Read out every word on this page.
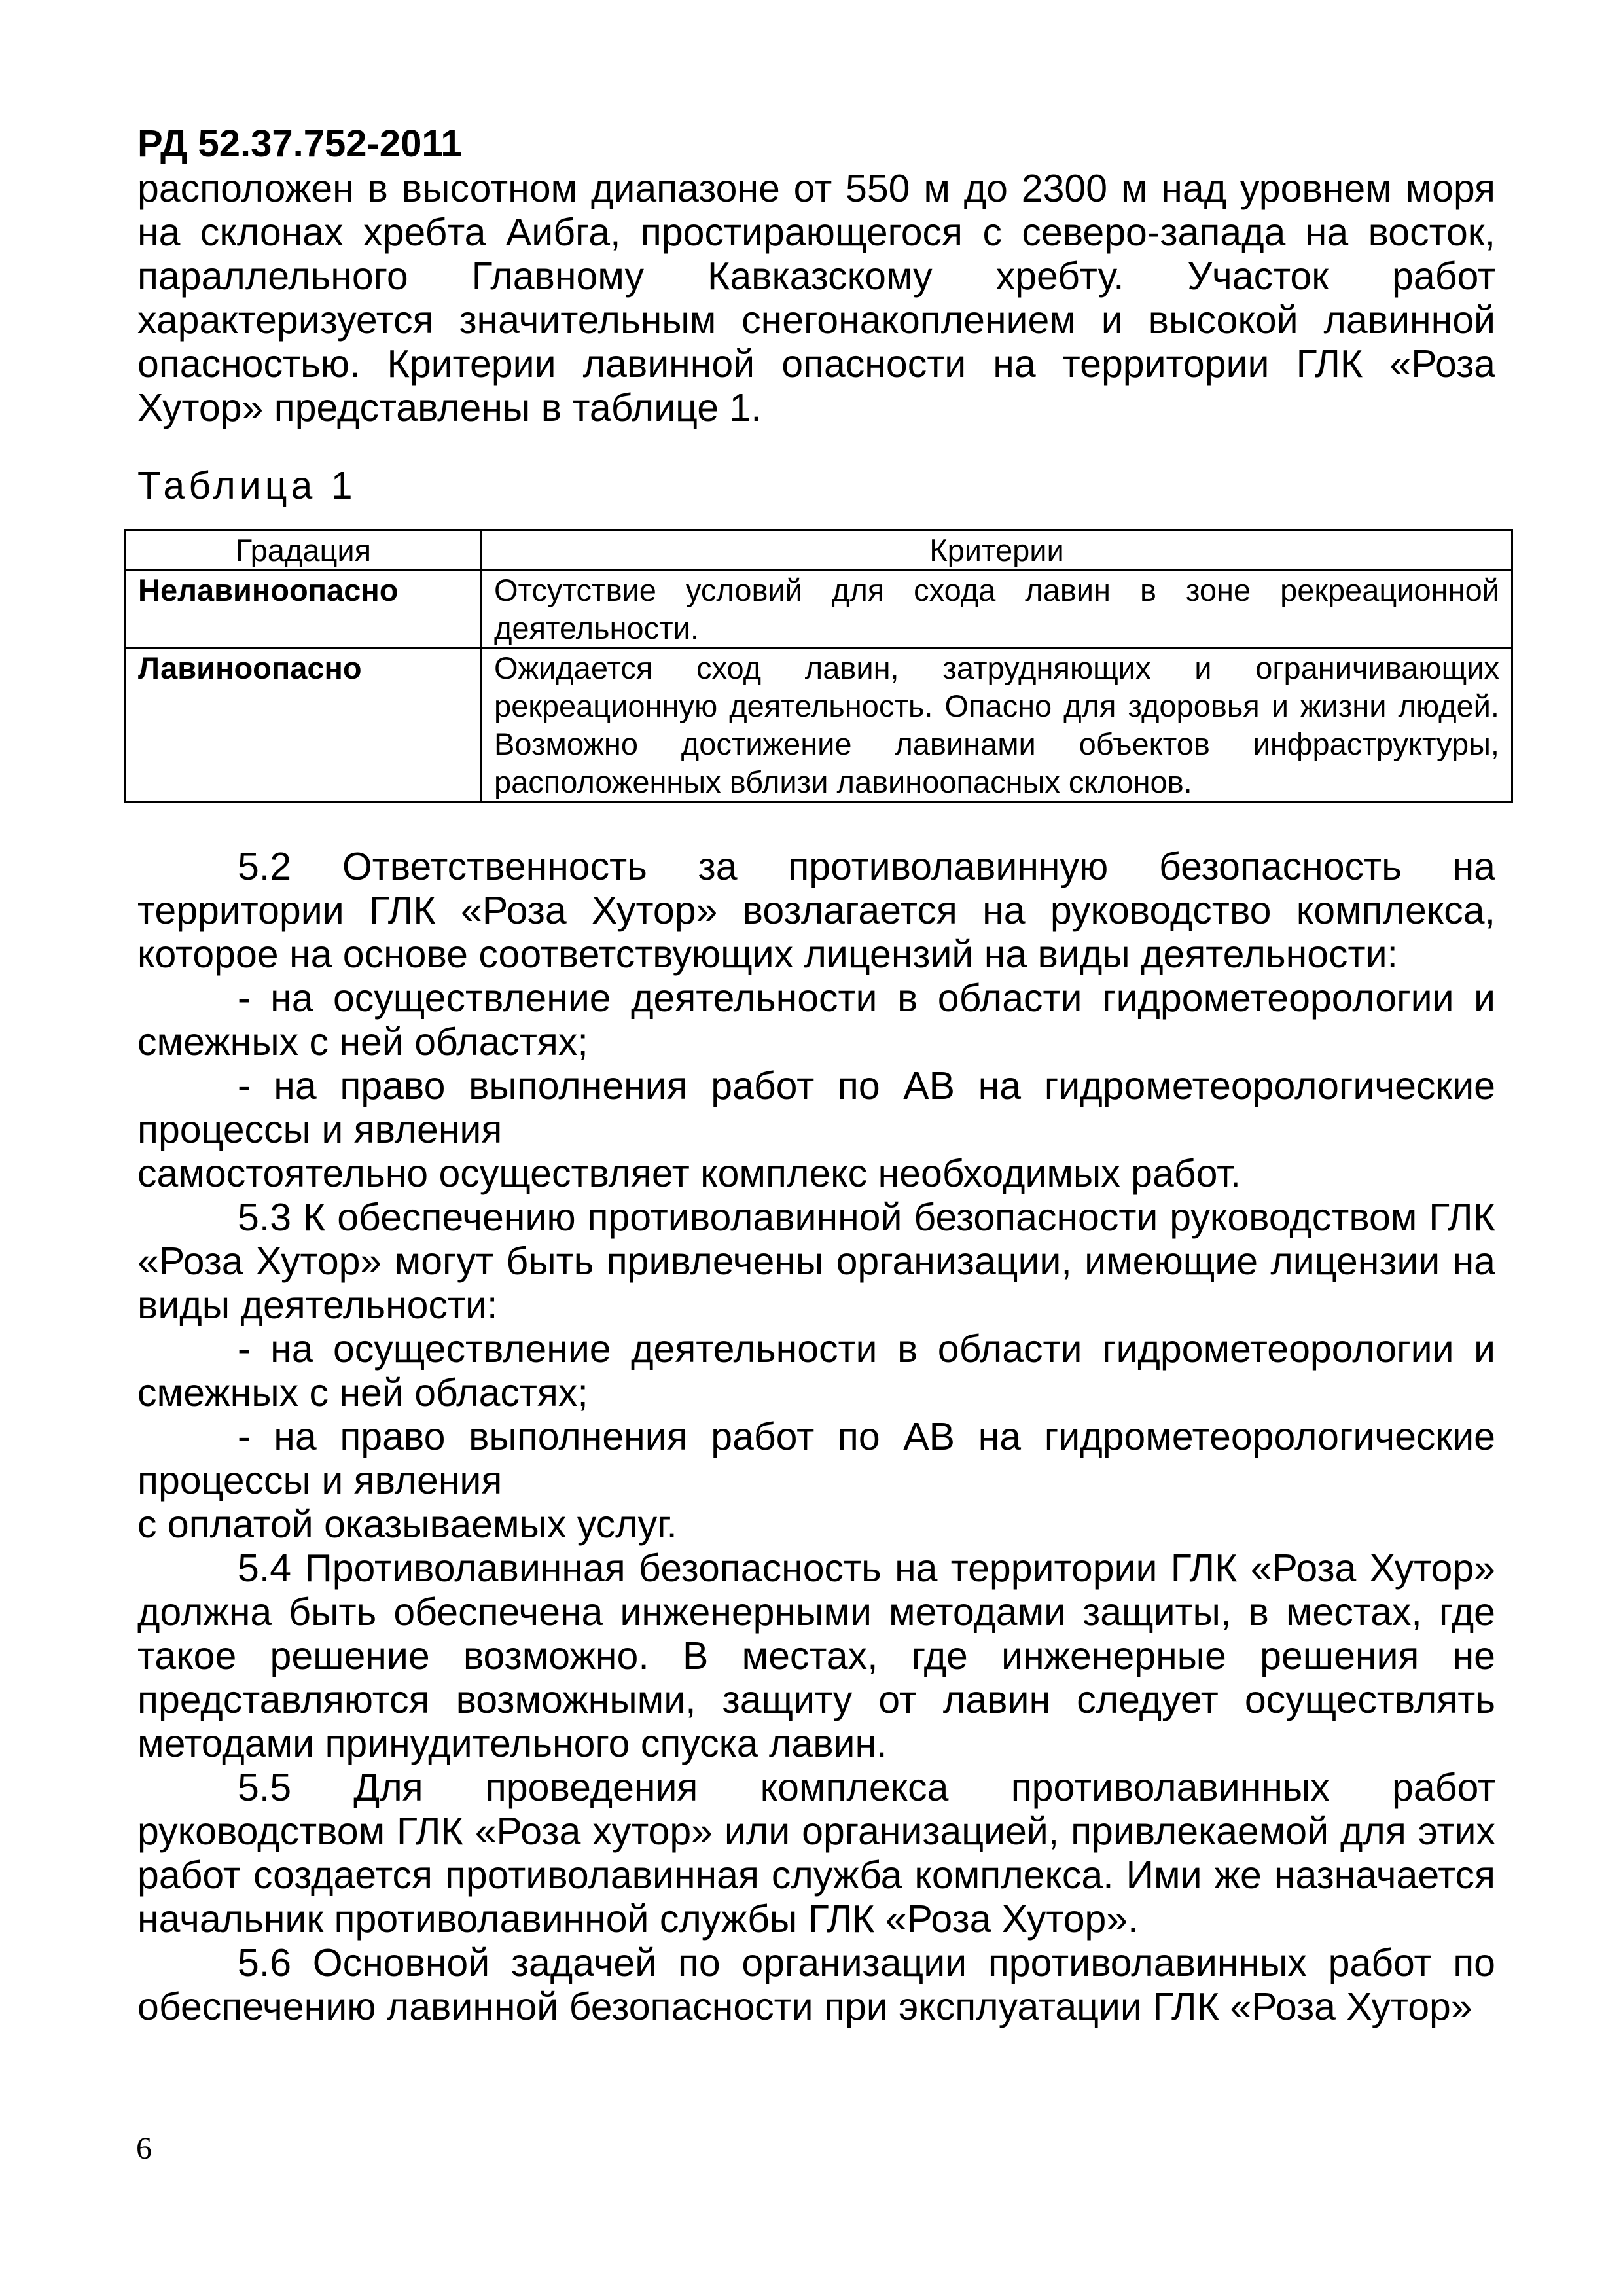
РД 52.37.752-2011

расположен в высотном диапазоне от 550 м до 2300 м над уровнем моря на склонах хребта Аибга, простирающегося с северо-запада на восток, параллельного Главному Кавказскому хребту. Участок работ характеризуется значительным снегонакоплением и высокой лавинной опасностью. Критерии лавинной опасности на территории ГЛК «Роза Хутор» представлены в таблице 1.

Таблица 1

Градация	Критерии
Нелавиноопасно	Отсутствие условий для схода лавин в зоне рекреационной деятельности.
Лавиноопасно	Ожидается сход лавин, затрудняющих и ограничивающих рекреационную деятельность. Опасно для здоровья и жизни людей. Возможно достижение лавинами объектов инфраструктуры, расположенных вблизи лавиноопасных склонов.

5.2 Ответственность за противолавинную безопасность на территории ГЛК «Роза Хутор» возлагается на руководство комплекса, которое на основе соответствующих лицензий на виды деятельности:

- на осуществление деятельности в области гидрометеорологии и смежных с ней областях;

- на право выполнения работ по АВ на гидрометеорологические процессы и явления

самостоятельно осуществляет комплекс необходимых работ.

5.3 К обеспечению противолавинной безопасности руководством ГЛК «Роза Хутор» могут быть привлечены организации, имеющие лицензии на виды деятельности:

- на осуществление деятельности в области гидрометеорологии и смежных с ней областях;

- на право выполнения работ по АВ на гидрометеорологические процессы и явления

с оплатой оказываемых услуг.

5.4 Противолавинная безопасность на территории ГЛК «Роза Хутор» должна быть обеспечена инженерными методами защиты, в местах, где такое решение возможно. В местах, где инженерные решения не представляются возможными, защиту от лавин следует осуществлять методами принудительного спуска лавин.

5.5 Для проведения комплекса противолавинных работ руководством ГЛК «Роза хутор» или организацией, привлекаемой для этих работ создается противолавинная служба комплекса. Ими же назначается начальник противолавинной службы ГЛК «Роза Хутор».

5.6 Основной задачей по организации противолавинных работ по обеспечению лавинной безопасности при эксплуатации ГЛК «Роза Хутор»

6
